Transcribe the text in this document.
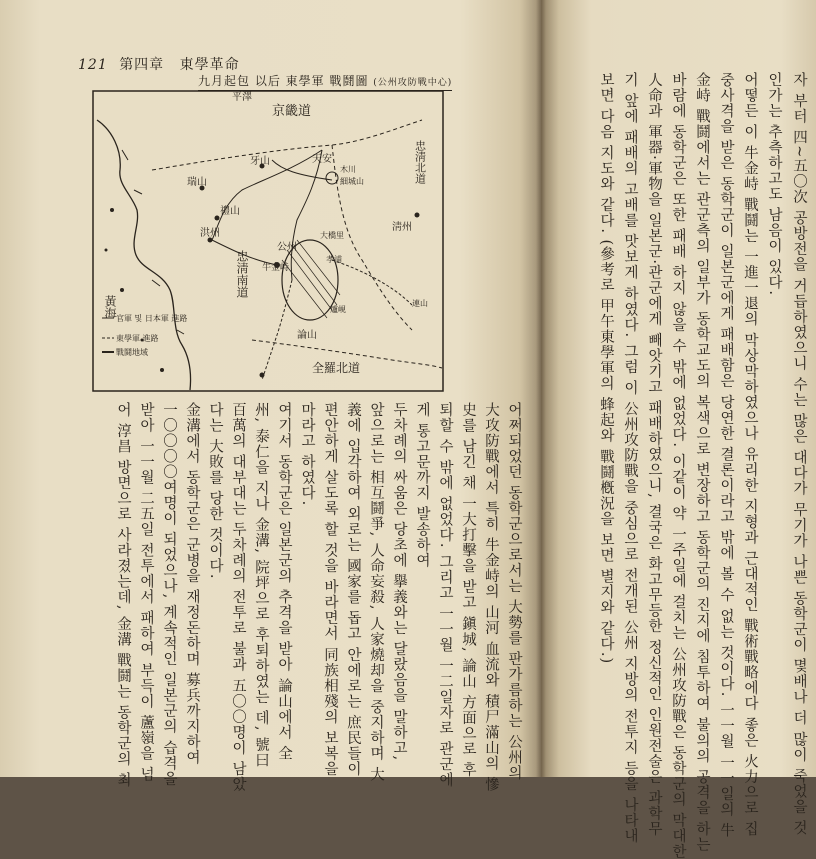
121 第四章 東學革命
九月起包 以后 東學軍 戰鬪圖 (公州攻防戰中心)
京畿道
忠淸北道
忠淸南道
全羅北道
黃海
牙山
平澤
天安
木川
細城山
瑞山
禮山
洪州
淸州
公州
大橋里
孝浦
牛金峙
爐峴
論山
連山
官軍 및 日本軍 進路
東學軍 進路
戰鬪地域	자 부터 四~五〇次 공방전을 거듭하였으니 수는 많은 대다가 무기가 나쁜 동학군이 몇배나 더 많이 죽었을 것
인가는 추측하고도 남음이 있다.
어떻든 이 牛金峙 戰鬪는 一進一退의 막상막하였으나 유리한 지형과 근대적인 戰術戰略에다 좋은 火力으로 집
중사격을 받은 동학군이 일본군에게 패배함은 당연한 결론이라고 밖에 볼 수 없는 것이다. 一一월 一一일의 牛
金峙 戰鬪에서는 관군측의 일부가 동학교도의 복색으로 변장하고 동학군의 진지에 침투하여 불의의 공격을 하는
바람에 동학군은 또한 패배 하지 않을 수 밖에 없었다. 이같이 약 一주일에 걸치는 公州攻防戰은 동학군의 막대한
人命과 軍器·軍物을 일본군·관군에게 빼앗기고 패배하였으니, 결국은 화고무등한 정신적인 인원전술은 과학무
기 앞에 패배의 고배를 맛보게 하였다. 그럼 이 公州攻防戰을 중심으로 전개된 公州 지방의 전투지 등을 나타내
보면 다음 지도와 같다. (參考로 甲午東學軍의 蜂起와 戰鬪槪況을 보면 별지와 같다.)
어쩌되었던 동학군으로서는 大勢를 판가름하는 公州의
大攻防戰에서 특히 牛金峙의 山河 血流와 積尸滿山의 慘
史를 남긴 채 一大打擊을 받고 鎭城, 論山 方面으로 후
퇴할 수 밖에 없었다. 그리고 一一월 一二일자로 관군에
게 통고문까지 발송하여
두차례의 싸움은 당초에 擧義와는 달랐음을 말하고,
앞으로는 相互鬪爭, 人命妄殺, 人家燒却을 중지하며 大
義에 입각하여 외로는 國家를 돕고 안에로는 庶民들이
편안하게 살도록 할 것을 바라면서 同族相殘의 보복을
마라고 하였다.
여기서 동학군은 일본군의 추격을 받아 論山에서 全
州, 泰仁을 지나 金溝, 院坪으로 후퇴하였는 데, 號曰
百萬의 대부대는 두차례의 전투로 불과 五〇〇명이 남았
다는 大敗를 당한 것이다.
金溝에서 동학군은 군병을 재정돈하며 募兵까지하여
一〇〇〇〇여명이 되었으나, 계속적인 일본군의 습격을
받아 一一월 二五일 전투에서 패하여 부득이 蘆嶺을 넘
어 淳昌 방면으로 사라졌는데, 金溝 戰鬪는 동학군의 최
